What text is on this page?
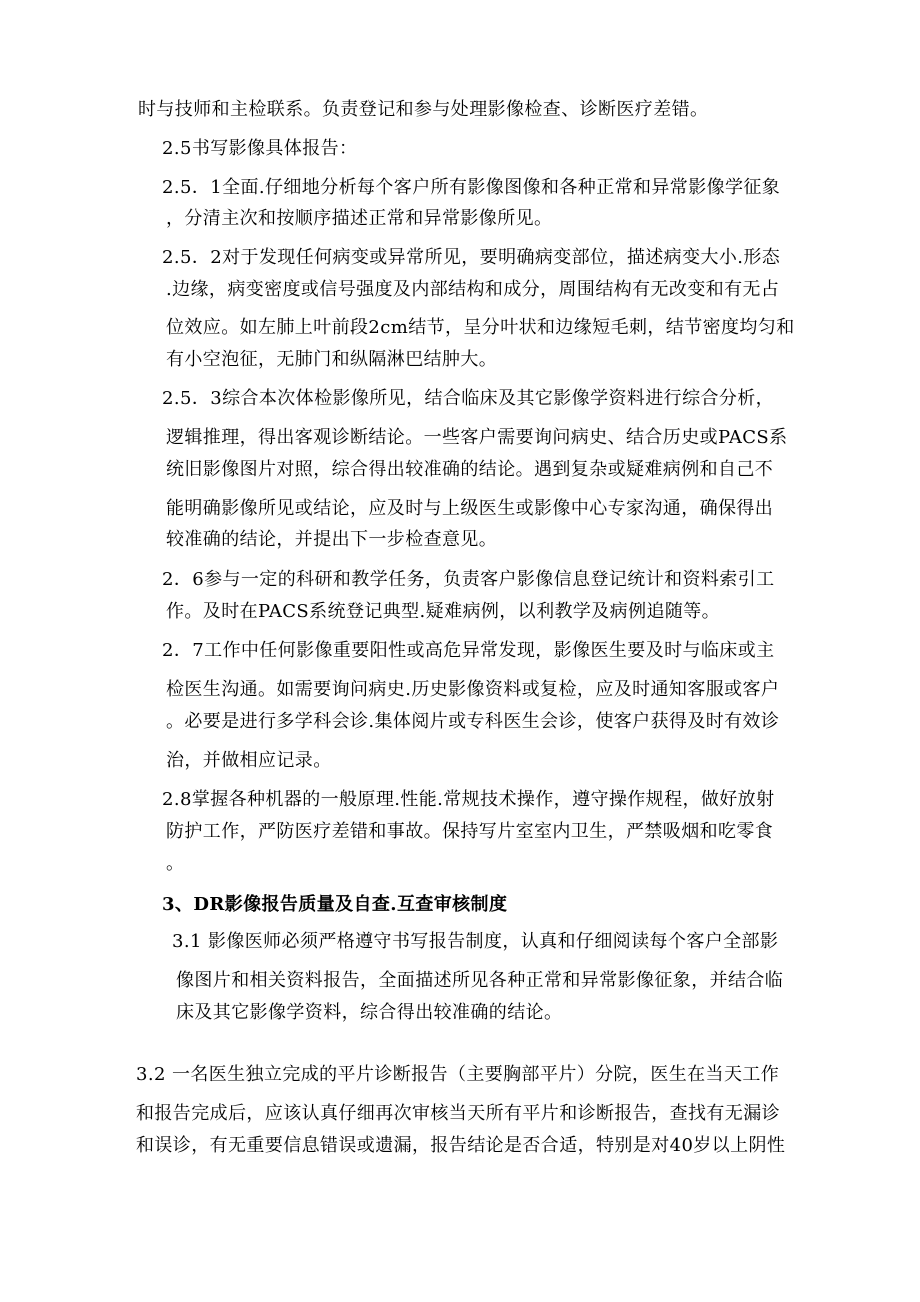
时与技师和主检联系。负责登记和参与处理影像检查、诊断医疗差错。

2.5书写影像具体报告：

2.5．1全面.仔细地分析每个客户所有影像图像和各种正常和异常影像学征象

，分清主次和按顺序描述正常和异常影像所见。

2.5．2对于发现任何病变或异常所见，要明确病变部位，描述病变大小.形态

.边缘，病变密度或信号强度及内部结构和成分，周围结构有无改变和有无占

位效应。如左肺上叶前段2cm结节，呈分叶状和边缘短毛刺，结节密度均匀和

有小空泡征，无肺门和纵隔淋巴结肿大。

2.5．3综合本次体检影像所见，结合临床及其它影像学资料进行综合分析，

逻辑推理，得出客观诊断结论。一些客户需要询问病史、结合历史或PACS系

统旧影像图片对照，综合得出较准确的结论。遇到复杂或疑难病例和自己不

能明确影像所见或结论，应及时与上级医生或影像中心专家沟通，确保得出

较准确的结论，并提出下一步检查意见。

2．6参与一定的科研和教学任务，负责客户影像信息登记统计和资料索引工

作。及时在PACS系统登记典型.疑难病例，以利教学及病例追随等。

2．7工作中任何影像重要阳性或高危异常发现，影像医生要及时与临床或主

检医生沟通。如需要询问病史.历史影像资料或复检，应及时通知客服或客户

。必要是进行多学科会诊.集体阅片或专科医生会诊，使客户获得及时有效诊

治，并做相应记录。

2.8掌握各种机器的一般原理.性能.常规技术操作，遵守操作规程，做好放射

防护工作，严防医疗差错和事故。保持写片室室内卫生，严禁吸烟和吃零食

。

3、DR影像报告质量及自查.互查审核制度

3.1 影像医师必须严格遵守书写报告制度，认真和仔细阅读每个客户全部影

像图片和相关资料报告，全面描述所见各种正常和异常影像征象，并结合临

床及其它影像学资料，综合得出较准确的结论。

3.2 一名医生独立完成的平片诊断报告（主要胸部平片）分院，医生在当天工作

和报告完成后，应该认真仔细再次审核当天所有平片和诊断报告，查找有无漏诊

和误诊，有无重要信息错误或遗漏，报告结论是否合适，特别是对40岁以上阴性
